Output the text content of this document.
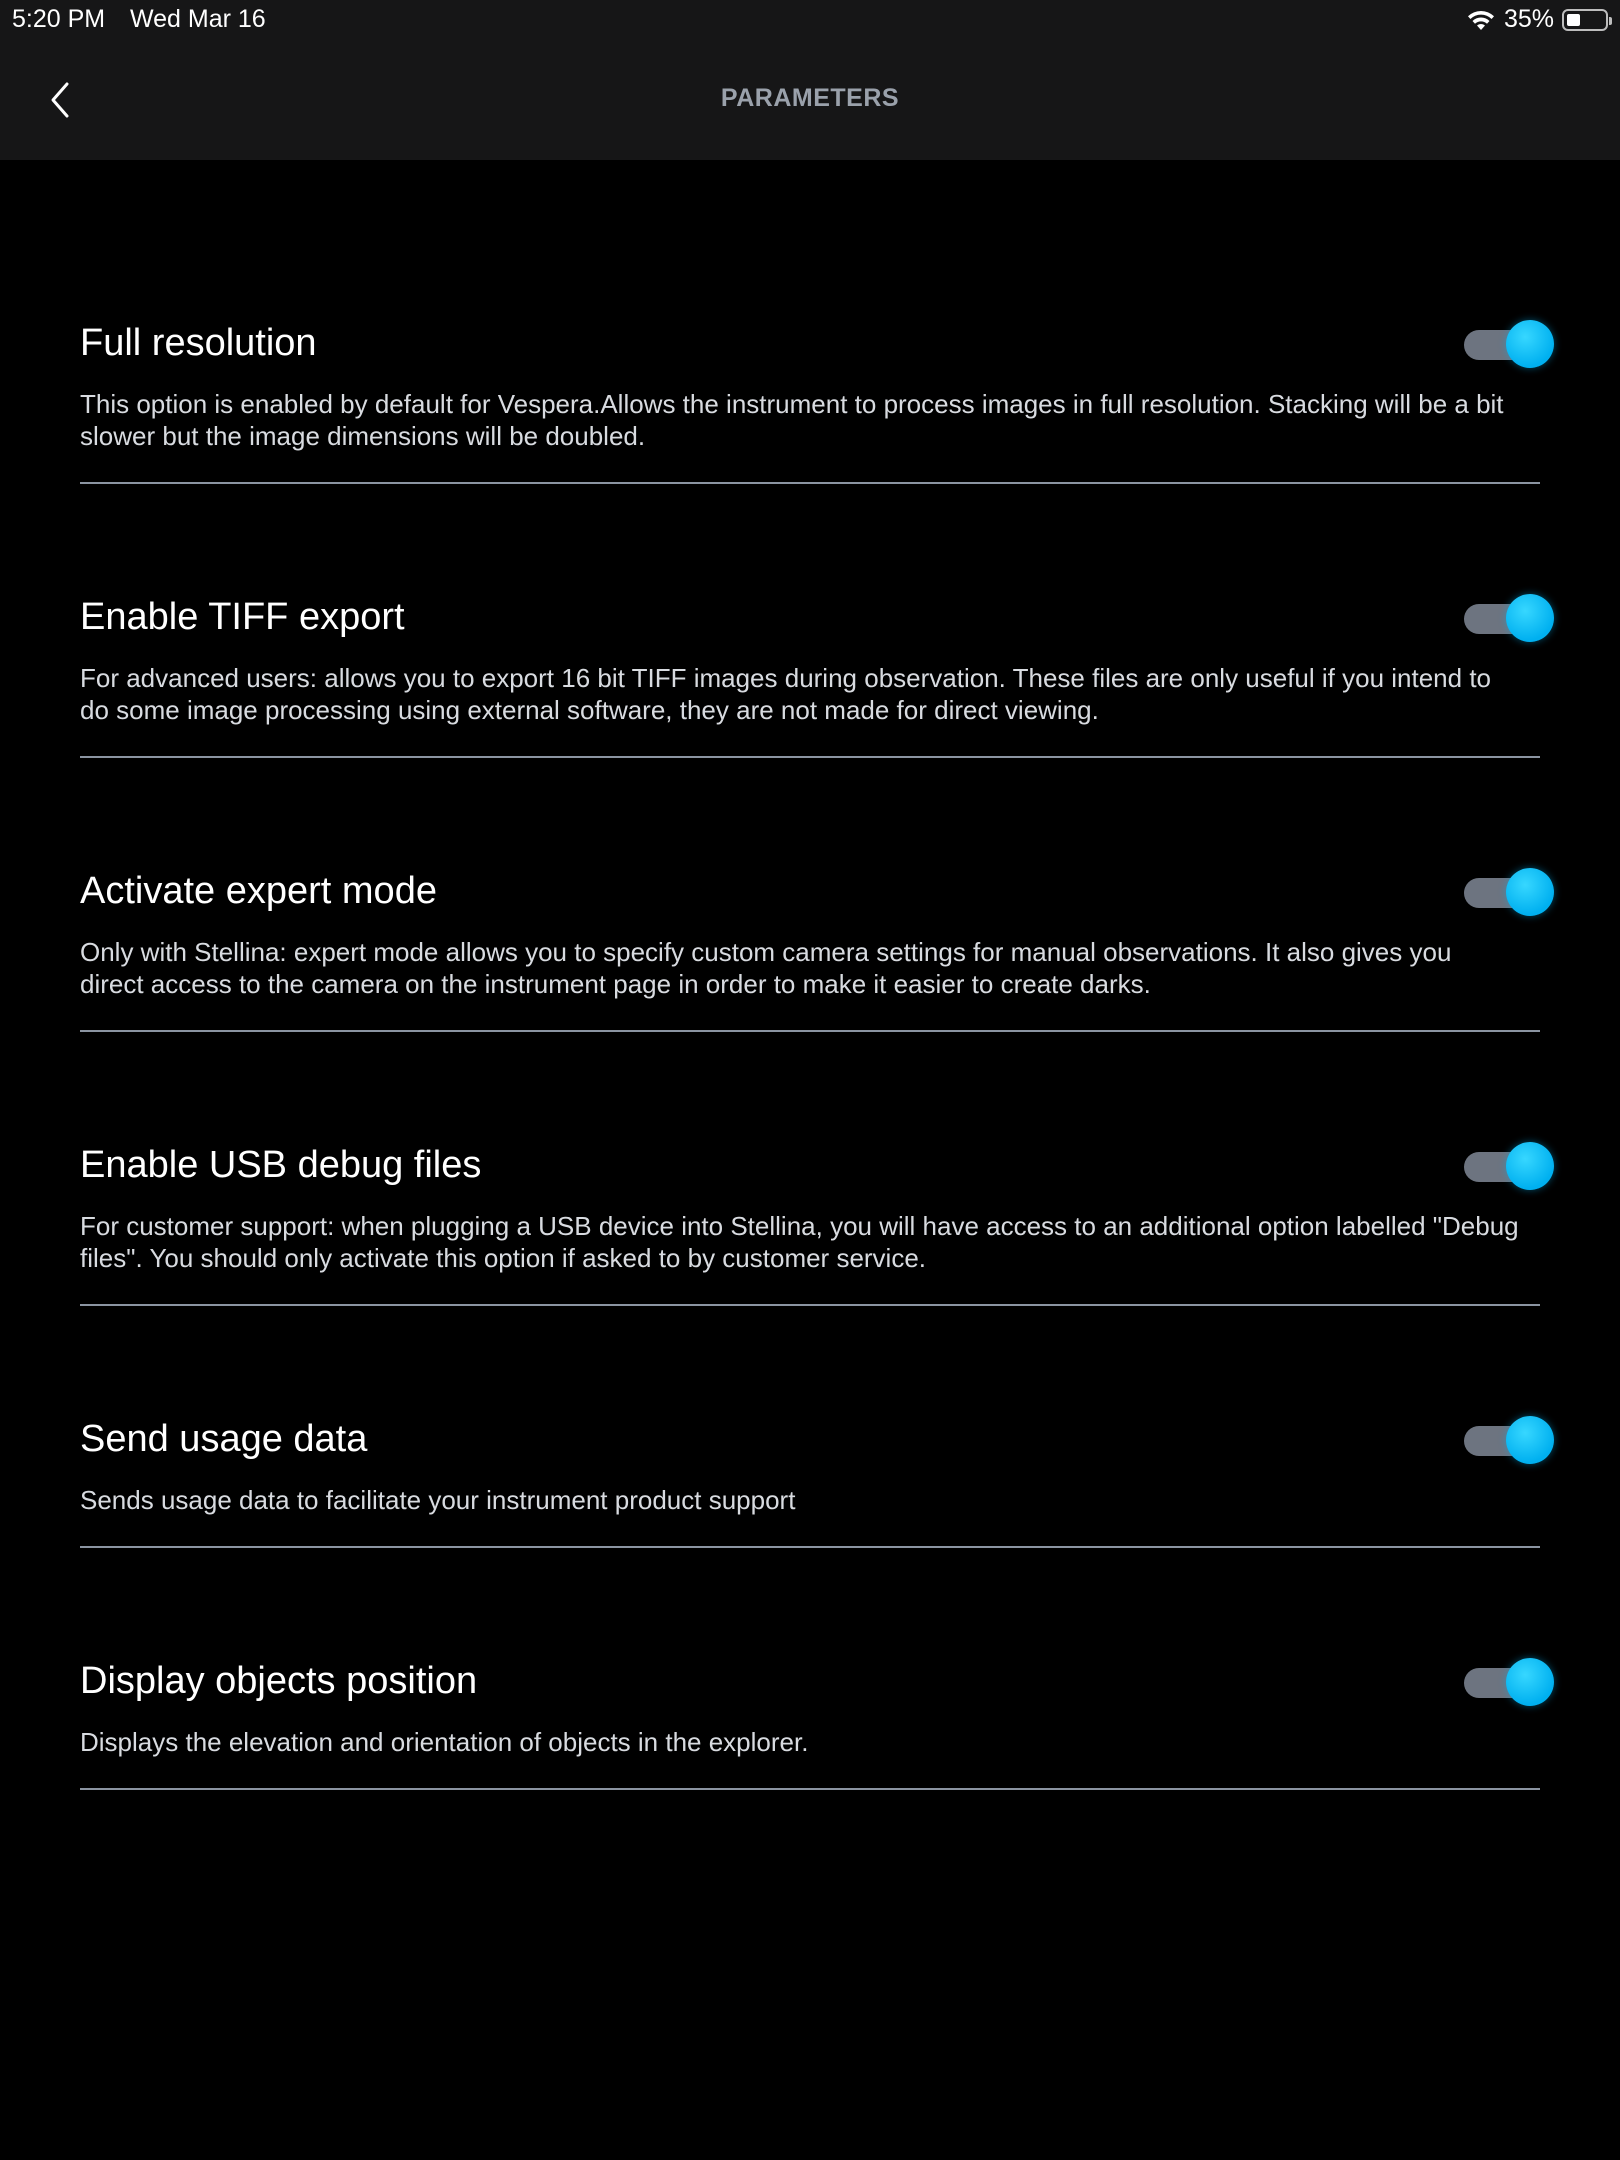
5:20 PM Wed Mar 16	35%
PARAMETERS
Full resolution
This option is enabled by default for Vespera.Allows the instrument to process images in full resolution. Stacking will be a bit slower but the image dimensions will be doubled.
Enable TIFF export
For advanced users: allows you to export 16 bit TIFF images during observation. These files are only useful if you intend to do some image processing using external software, they are not made for direct viewing.
Activate expert mode
Only with Stellina: expert mode allows you to specify custom camera settings for manual observations. It also gives you direct access to the camera on the instrument page in order to make it easier to create darks.
Enable USB debug files
For customer support: when plugging a USB device into Stellina, you will have access to an additional option labelled "Debug files". You should only activate this option if asked to by customer service.
Send usage data
Sends usage data to facilitate your instrument product support
Display objects position
Displays the elevation and orientation of objects in the explorer.
